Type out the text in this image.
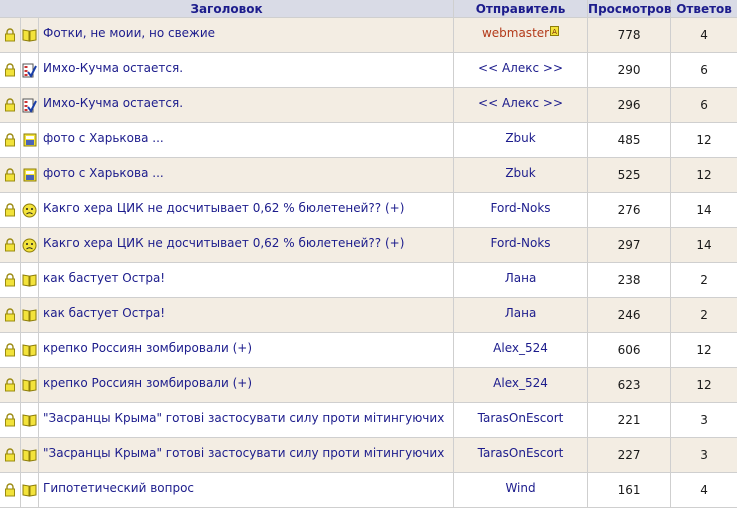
Заголовок			Отправитель	Просмотров	Ответов

	Фотки, не моии, но свежие	webmaster A	778	4

	Имхо-Кучма остается.	<< Алекс >>	290	6

	Имхо-Кучма остается.	<< Алекс >>	296	6

	фото с Харькова ...	Zbuk	485	12

	фото с Харькова ...	Zbuk	525	12

	Какго хера ЦИК не досчитывает 0,62 % бюлетеней?? (+)	Ford-Noks	276	14

	Какго хера ЦИК не досчитывает 0,62 % бюлетеней?? (+)	Ford-Noks	297	14

	как бастует Остра!	Лана	238	2

	как бастует Остра!	Лана	246	2

	крепко Россиян зомбировали (+)	Alex_524	606	12

	крепко Россиян зомбировали (+)	Alex_524	623	12

	"Засранцы Крыма" готові застосувати силу проти мітингуючих	TarasOnEscort	221	3

	"Засранцы Крыма" готові застосувати силу проти мітингуючих	TarasOnEscort	227	3

	Гипотетический вопрос	Wind	161	4
